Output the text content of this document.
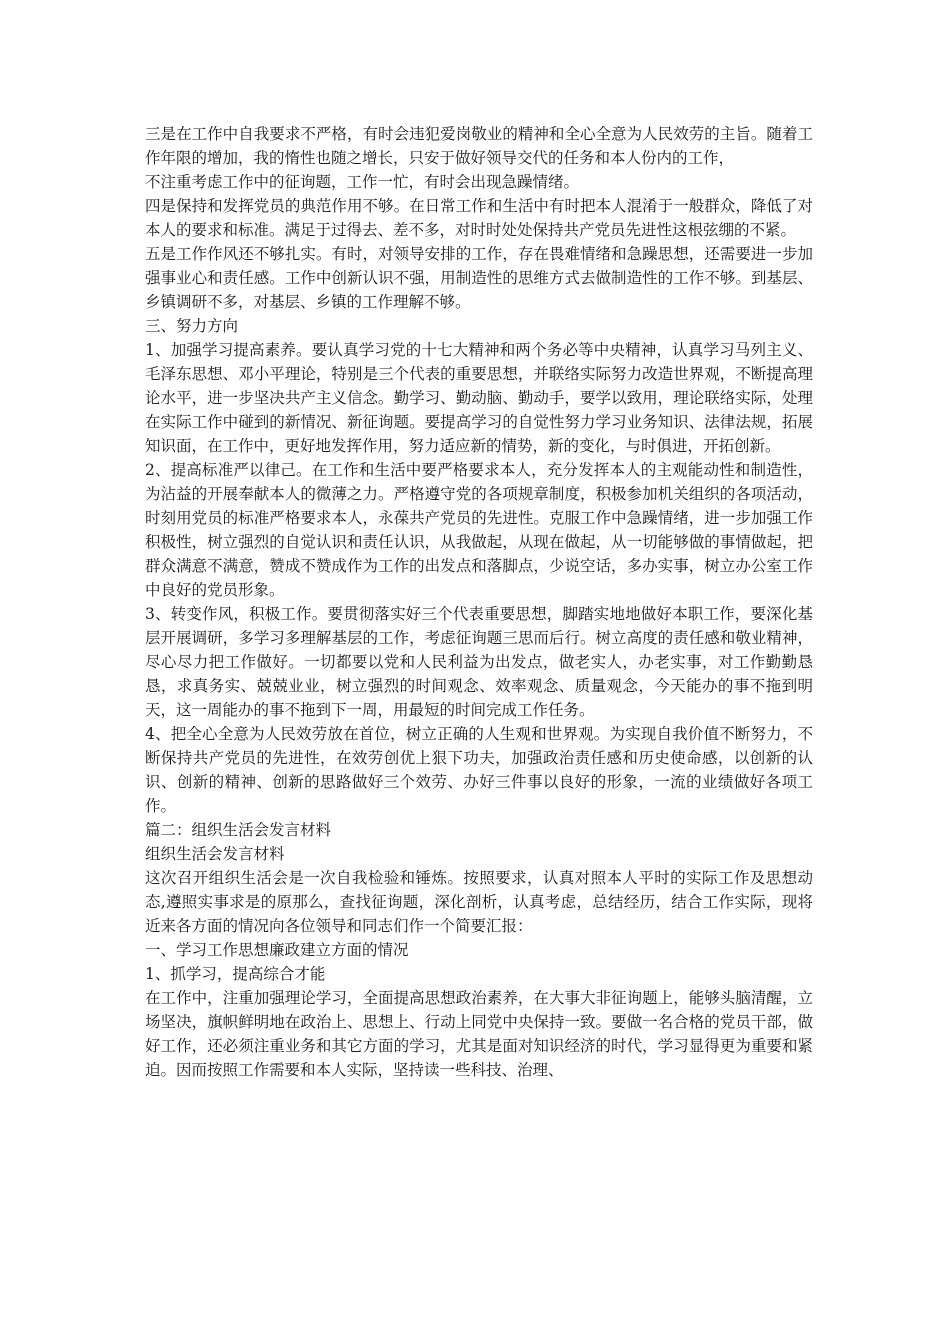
三是在工作中自我要求不严格，有时会违犯爱岗敬业的精神和全心全意为人民效劳的主旨。随着工作年限的增加，我的惰性也随之增长，只安于做好领导交代的任务和本人份内的工作，

不注重考虑工作中的征询题，工作一忙，有时会出现急躁情绪。

四是保持和发挥党员的典范作用不够。在日常工作和生活中有时把本人混淆于一般群众，降低了对本人的要求和标准。满足于过得去、差不多，对时时处处保持共产党员先进性这根弦绷的不紧。

五是工作作风还不够扎实。有时，对领导安排的工作，存在畏难情绪和急躁思想，还需要进一步加强事业心和责任感。工作中创新认识不强，用制造性的思维方式去做制造性的工作不够。到基层、乡镇调研不多，对基层、乡镇的工作理解不够。

三、努力方向

1、加强学习提高素养。要认真学习党的十七大精神和两个务必等中央精神，认真学习马列主义、毛泽东思想、邓小平理论，特别是三个代表的重要思想，并联络实际努力改造世界观，不断提高理论水平，进一步坚决共产主义信念。勤学习、勤动脑、勤动手，要学以致用，理论联络实际，处理在实际工作中碰到的新情况、新征询题。要提高学习的自觉性努力学习业务知识、法律法规，拓展知识面，在工作中，更好地发挥作用，努力适应新的情势，新的变化，与时俱进，开拓创新。

2、提高标准严以律己。在工作和生活中要严格要求本人，充分发挥本人的主观能动性和制造性，为沾益的开展奉献本人的微薄之力。严格遵守党的各项规章制度，积极参加机关组织的各项活动，时刻用党员的标准严格要求本人，永葆共产党员的先进性。克服工作中急躁情绪，进一步加强工作积极性，树立强烈的自觉认识和责任认识，从我做起，从现在做起，从一切能够做的事情做起，把群众满意不满意，赞成不赞成作为工作的出发点和落脚点，少说空话，多办实事，树立办公室工作中良好的党员形象。

3、转变作风，积极工作。要贯彻落实好三个代表重要思想，脚踏实地地做好本职工作，要深化基层开展调研，多学习多理解基层的工作，考虑征询题三思而后行。树立高度的责任感和敬业精神，尽心尽力把工作做好。一切都要以党和人民利益为出发点，做老实人，办老实事，对工作勤勤恳恳，求真务实、兢兢业业，树立强烈的时间观念、效率观念、质量观念，今天能办的事不拖到明天，这一周能办的事不拖到下一周，用最短的时间完成工作任务。

4、把全心全意为人民效劳放在首位，树立正确的人生观和世界观。为实现自我价值不断努力，不断保持共产党员的先进性，在效劳创优上狠下功夫，加强政治责任感和历史使命感，以创新的认识、创新的精神、创新的思路做好三个效劳、办好三件事以良好的形象，一流的业绩做好各项工作。

篇二：组织生活会发言材料

组织生活会发言材料

这次召开组织生活会是一次自我检验和锤炼。按照要求，认真对照本人平时的实际工作及思想动态,遵照实事求是的原那么，查找征询题，深化剖析，认真考虑，总结经历，结合工作实际，现将近来各方面的情况向各位领导和同志们作一个简要汇报：

一、学习工作思想廉政建立方面的情况

1、抓学习，提高综合才能

在工作中，注重加强理论学习，全面提高思想政治素养，在大事大非征询题上，能够头脑清醒，立场坚决，旗帜鲜明地在政治上、思想上、行动上同党中央保持一致。要做一名合格的党员干部，做好工作，还必须注重业务和其它方面的学习，尤其是面对知识经济的时代，学习显得更为重要和紧迫。因而按照工作需要和本人实际，坚持读一些科技、治理、
